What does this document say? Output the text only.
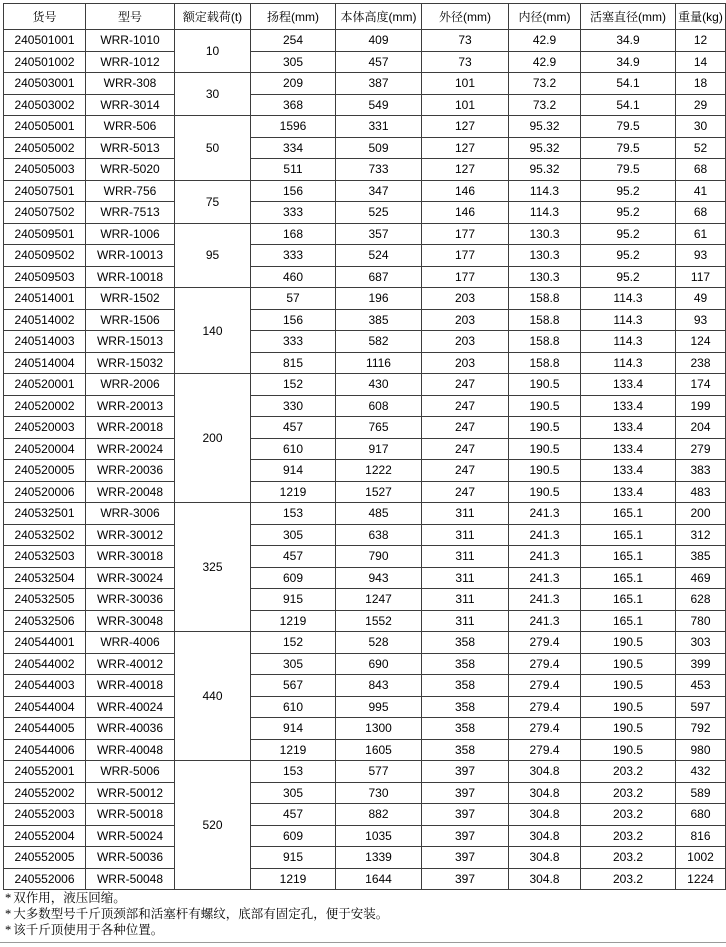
货号	型号	额定载荷(t)	扬程(mm)	本体高度(mm)	外径(mm)	内径(mm)	活塞直径(mm)	重量(kg)
240501001	WRR-1010	10	254	409	73	42.9	34.9	12
240501002	WRR-1012		305	457	73	42.9	34.9	14
240503001	WRR-308	30	209	387	101	73.2	54.1	18
240503002	WRR-3014		368	549	101	73.2	54.1	29
240505001	WRR-506	50	1596	331	127	95.32	79.5	30
240505002	WRR-5013		334	509	127	95.32	79.5	52
240505003	WRR-5020		511	733	127	95.32	79.5	68
240507501	WRR-756	75	156	347	146	114.3	95.2	41
240507502	WRR-7513		333	525	146	114.3	95.2	68
240509501	WRR-1006	95	168	357	177	130.3	95.2	61
240509502	WRR-10013		333	524	177	130.3	95.2	93
240509503	WRR-10018		460	687	177	130.3	95.2	117
240514001	WRR-1502	140	57	196	203	158.8	114.3	49
240514002	WRR-1506		156	385	203	158.8	114.3	93
240514003	WRR-15013		333	582	203	158.8	114.3	124
240514004	WRR-15032		815	1116	203	158.8	114.3	238
240520001	WRR-2006	200	152	430	247	190.5	133.4	174
240520002	WRR-20013		330	608	247	190.5	133.4	199
240520003	WRR-20018		457	765	247	190.5	133.4	204
240520004	WRR-20024		610	917	247	190.5	133.4	279
240520005	WRR-20036		914	1222	247	190.5	133.4	383
240520006	WRR-20048		1219	1527	247	190.5	133.4	483
240532501	WRR-3006	325	153	485	311	241.3	165.1	200
240532502	WRR-30012		305	638	311	241.3	165.1	312
240532503	WRR-30018		457	790	311	241.3	165.1	385
240532504	WRR-30024		609	943	311	241.3	165.1	469
240532505	WRR-30036		915	1247	311	241.3	165.1	628
240532506	WRR-30048		1219	1552	311	241.3	165.1	780
240544001	WRR-4006	440	152	528	358	279.4	190.5	303
240544002	WRR-40012		305	690	358	279.4	190.5	399
240544003	WRR-40018		567	843	358	279.4	190.5	453
240544004	WRR-40024		610	995	358	279.4	190.5	597
240544005	WRR-40036		914	1300	358	279.4	190.5	792
240544006	WRR-40048		1219	1605	358	279.4	190.5	980
240552001	WRR-5006	520	153	577	397	304.8	203.2	432
240552002	WRR-50012		305	730	397	304.8	203.2	589
240552003	WRR-50018		457	882	397	304.8	203.2	680
240552004	WRR-50024		609	1035	397	304.8	203.2	816
240552005	WRR-50036		915	1339	397	304.8	203.2	1002
240552006	WRR-50048		1219	1644	397	304.8	203.2	1224
* 双作用，液压回缩。
* 大多数型号千斤顶颈部和活塞杆有螺纹，底部有固定孔，便于安装。
* 该千斤顶使用于各种位置。
